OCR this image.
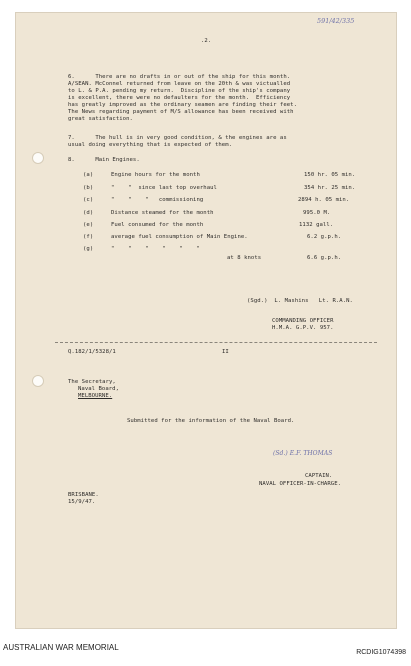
.2.
591/42/335
6.      There are no drafts in or out of the ship for this month.
A/SEAN. McConnel returned from leave on the 20th & was victualled
to L. & P.A. pending my return.  Discipline of the ship's company
is excellent, there were no defaulters for the month.  Efficiency
has greatly improved as the ordinary seamen are finding their feet.
The News regarding payment of M/S allowance has been received with
great satisfaction.
7.      The hull is in very good condition, & the engines are as
usual doing everything that is expected of them.
8.      Main Engines.
(a)	Engine hours for the month	150 hr. 05 min.
(b)	"    "  since last top overhaul	354 hr. 25 min.
(c)	"    "    "   commissioning	2894 h. 05 min.
(d)	Distance steamed for the month	995.0 M.
(e)	Fuel consumed for the month	1132 gall.
(f)	average fuel consumption of Main Engine.	6.2 g.p.h.
(g)	"    "    "    "    "    "
at 8 knots	6.6 g.p.h.
(Sgd.)  L. Mashins   Lt. R.A.N.
COMMANDING OFFICER
H.M.A. G.P.V. 957.
Q.182/1/5328/1	II
The Secretary,
Naval Board,
MELBOURNE.
Submitted for the information of the Naval Board.
(Sd.) E.F. THOMAS
CAPTAIN.
NAVAL OFFICER-IN-CHARGE.
BRISBANE.
15/9/47.
AUSTRALIAN WAR MEMORIAL
RCDIG1074398
